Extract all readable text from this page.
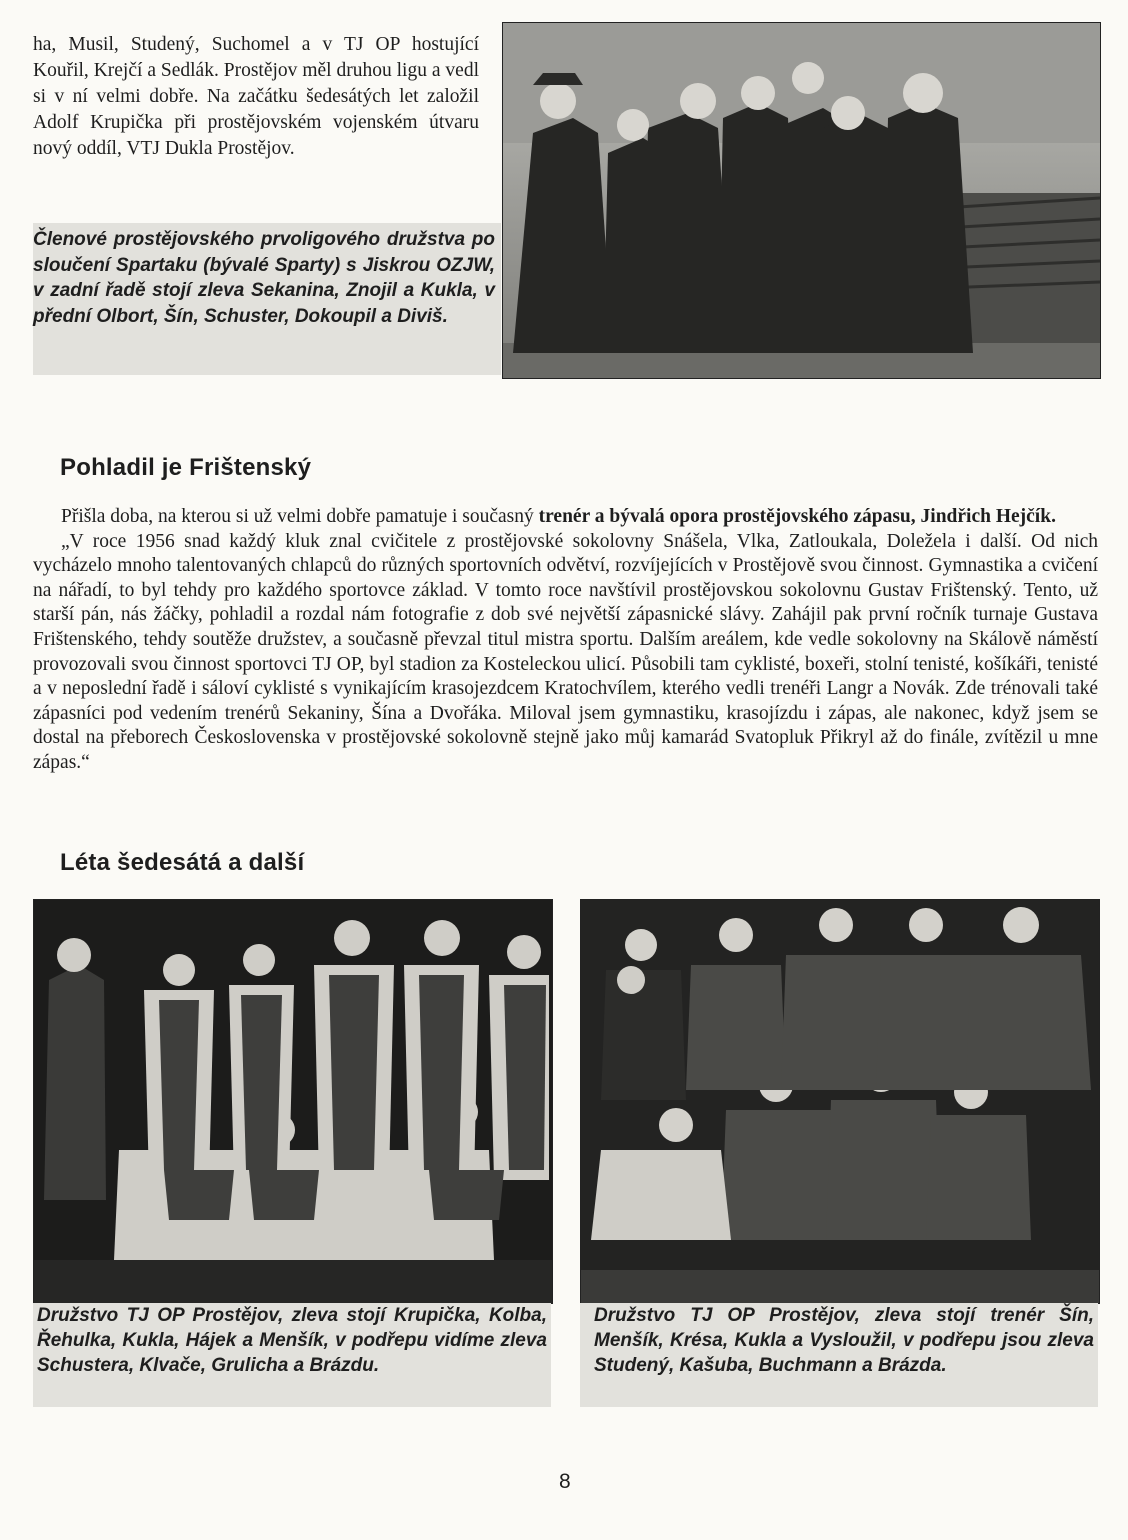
ha, Musil, Studený, Suchomel a v TJ OP hostující Kouřil, Krejčí a Sedlák. Prostějov měl druhou ligu a vedl si v ní velmi dobře. Na začátku šedesátých let založil Adolf Krupička při prostějovském vojenském útvaru nový oddíl, VTJ Dukla Prostějov.
Členové prostějovského prvoligového družstva po sloučení Spartaku (bývalé Sparty) s Jiskrou OZJW, v zadní řadě stojí zleva Sekanina, Znojil a Kukla, v přední Olbort, Šín, Schuster, Dokoupil a Diviš.
Pohladil je Frištenský

Přišla doba, na kterou si už velmi dobře pamatuje i současný trenér a bývalá opora prostějovského zápasu, Jindřich Hejčík.

„V roce 1956 snad každý kluk znal cvičitele z prostějovské sokolovny Snášela, Vlka, Zatloukala, Doležela i další. Od nich vycházelo mnoho talentovaných chlapců do různých sportovních odvětví, rozvíjejících v Prostějově svou činnost. Gymnastika a cvičení na nářadí, to byl tehdy pro každého sportovce základ. V tomto roce navštívil prostějovskou sokolovnu Gustav Frištenský. Tento, už starší pán, nás žáčky, pohladil a rozdal nám fotografie z dob své největší zápasnické slávy. Zahájil pak první ročník turnaje Gustava Frištenského, tehdy soutěže družstev, a současně převzal titul mistra sportu. Dalším areálem, kde vedle sokolovny na Skálově náměstí provozovali svou činnost sportovci TJ OP, byl stadion za Kosteleckou ulicí. Působili tam cyklisté, boxeři, stolní tenisté, košíkáři, tenisté a v neposlední řadě i sáloví cyklisté s vynikajícím krasojezdcem Kratochvílem, kterého vedli trenéři Langr a Novák. Zde trénovali také zápasníci pod vedením trenérů Sekaniny, Šína a Dvořáka. Miloval jsem gymnastiku, krasojízdu i zápas, ale nakonec, když jsem se dostal na přeborech Československa v prostějovské sokolovně stejně jako můj kamarád Svatopluk Přikryl až do finále, zvítězil u mne zápas.“

Léta šedesátá a další
Družstvo TJ OP Prostějov, zleva stojí Krupička, Kolba, Řehulka, Kukla, Hájek a Menšík, v podřepu vidíme zleva Schustera, Klvače, Grulicha a Brázdu.
Družstvo TJ OP Prostějov, zleva stojí trenér Šín, Menšík, Krésa, Kukla a Vysloužil, v podřepu jsou zleva Studený, Kašuba, Buchmann a Brázda.
8
